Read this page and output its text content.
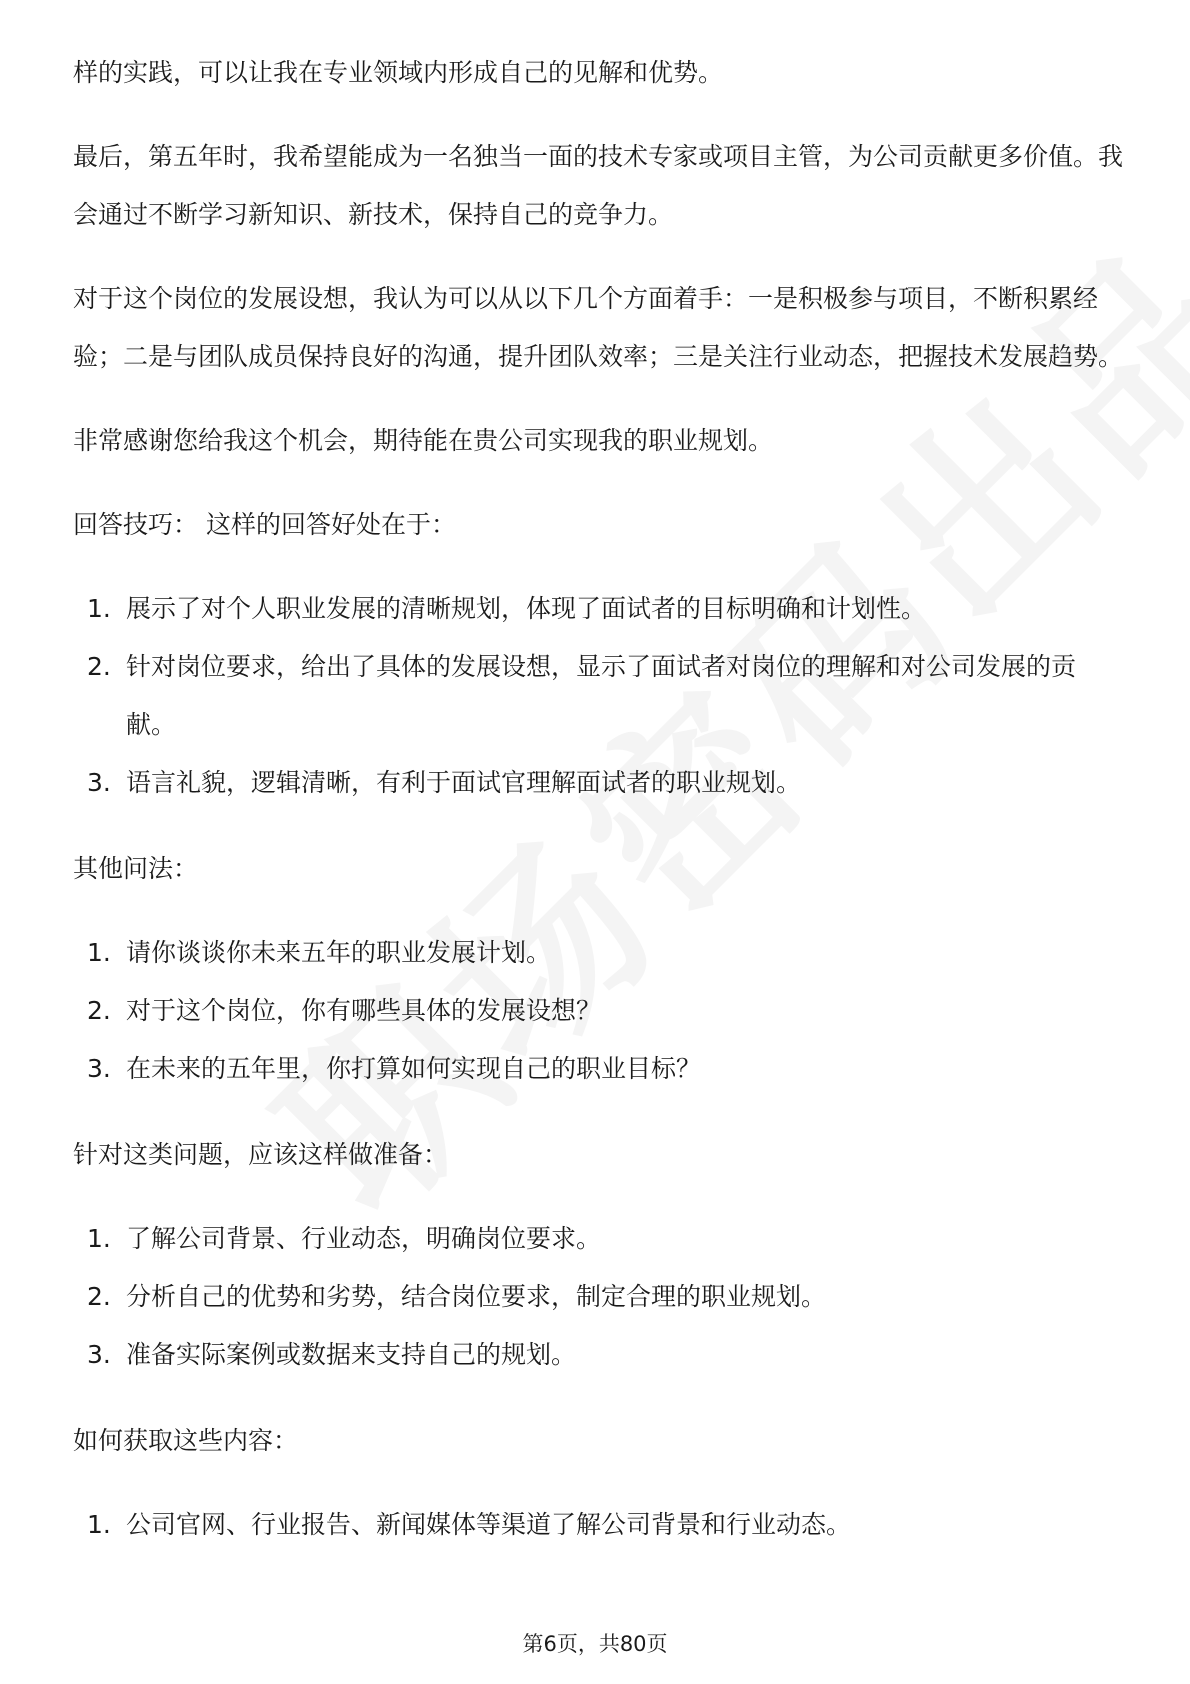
样的实践，可以让我在专业领域内形成自己的见解和优势。

最后，第五年时，我希望能成为一名独当一面的技术专家或项目主管，为公司贡献更多价值。我会通过不断学习新知识、新技术，保持自己的竞争力。

对于这个岗位的发展设想，我认为可以从以下几个方面着手：一是积极参与项目，不断积累经验；二是与团队成员保持良好的沟通，提升团队效率；三是关注行业动态，把握技术发展趋势。

非常感谢您给我这个机会，期待能在贵公司实现我的职业规划。

回答技巧： 这样的回答好处在于：

1. 展示了对个人职业发展的清晰规划，体现了面试者的目标明确和计划性。
2. 针对岗位要求，给出了具体的发展设想，显示了面试者对岗位的理解和对公司发展的贡献。
3. 语言礼貌，逻辑清晰，有利于面试官理解面试者的职业规划。

其他问法：

1. 请你谈谈你未来五年的职业发展计划。
2. 对于这个岗位，你有哪些具体的发展设想？
3. 在未来的五年里，你打算如何实现自己的职业目标？

针对这类问题，应该这样做准备：

1. 了解公司背景、行业动态，明确岗位要求。
2. 分析自己的优势和劣势，结合岗位要求，制定合理的职业规划。
3. 准备实际案例或数据来支持自己的规划。

如何获取这些内容：

1. 公司官网、行业报告、新闻媒体等渠道了解公司背景和行业动态。
第6页，共80页
